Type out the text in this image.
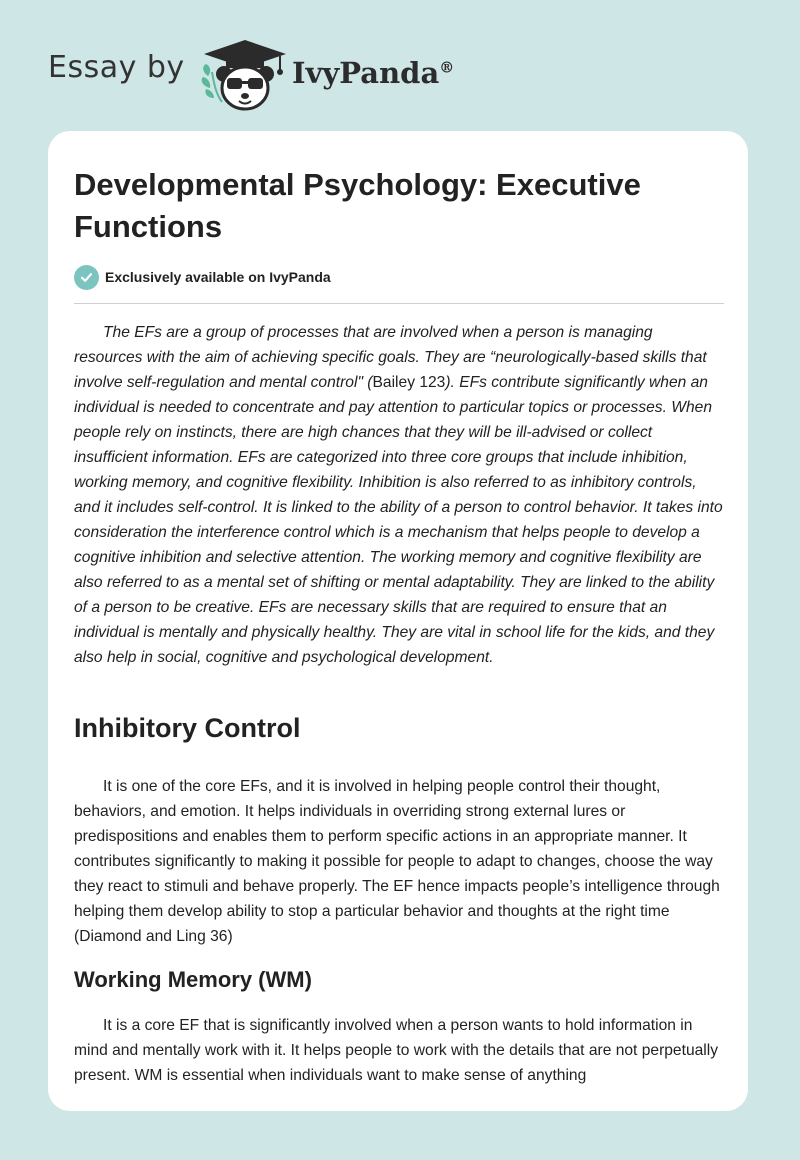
Essay by	IvyPanda®
Developmental Psychology: Executive Functions
Exclusively available on IvyPanda

The EFs are a group of processes that are involved when a person is managing resources with the aim of achieving specific goals. They are “neurologically-based skills that involve self-regulation and mental control" (Bailey 123). EFs contribute significantly when an individual is needed to concentrate and pay attention to particular topics or processes. When people rely on instincts, there are high chances that they will be ill-advised or collect insufficient information. EFs are categorized into three core groups that include inhibition, working memory, and cognitive flexibility. Inhibition is also referred to as inhibitory controls, and it includes self-control. It is linked to the ability of a person to control behavior. It takes into consideration the interference control which is a mechanism that helps people to develop a cognitive inhibition and selective attention. The working memory and cognitive flexibility are also referred to as a mental set of shifting or mental adaptability. They are linked to the ability of a person to be creative. EFs are necessary skills that are required to ensure that an individual is mentally and physically healthy. They are vital in school life for the kids, and they also help in social, cognitive and psychological development.

Inhibitory Control

It is one of the core EFs, and it is involved in helping people control their thought, behaviors, and emotion. It helps individuals in overriding strong external lures or predispositions and enables them to perform specific actions in an appropriate manner. It contributes significantly to making it possible for people to adapt to changes, choose the way they react to stimuli and behave properly. The EF hence impacts people’s intelligence through helping them develop ability to stop a particular behavior and thoughts at the right time (Diamond and Ling 36)

Working Memory (WM)

It is a core EF that is significantly involved when a person wants to hold information in mind and mentally work with it. It helps people to work with the details that are not perpetually present. WM is essential when individuals want to make sense of anything
